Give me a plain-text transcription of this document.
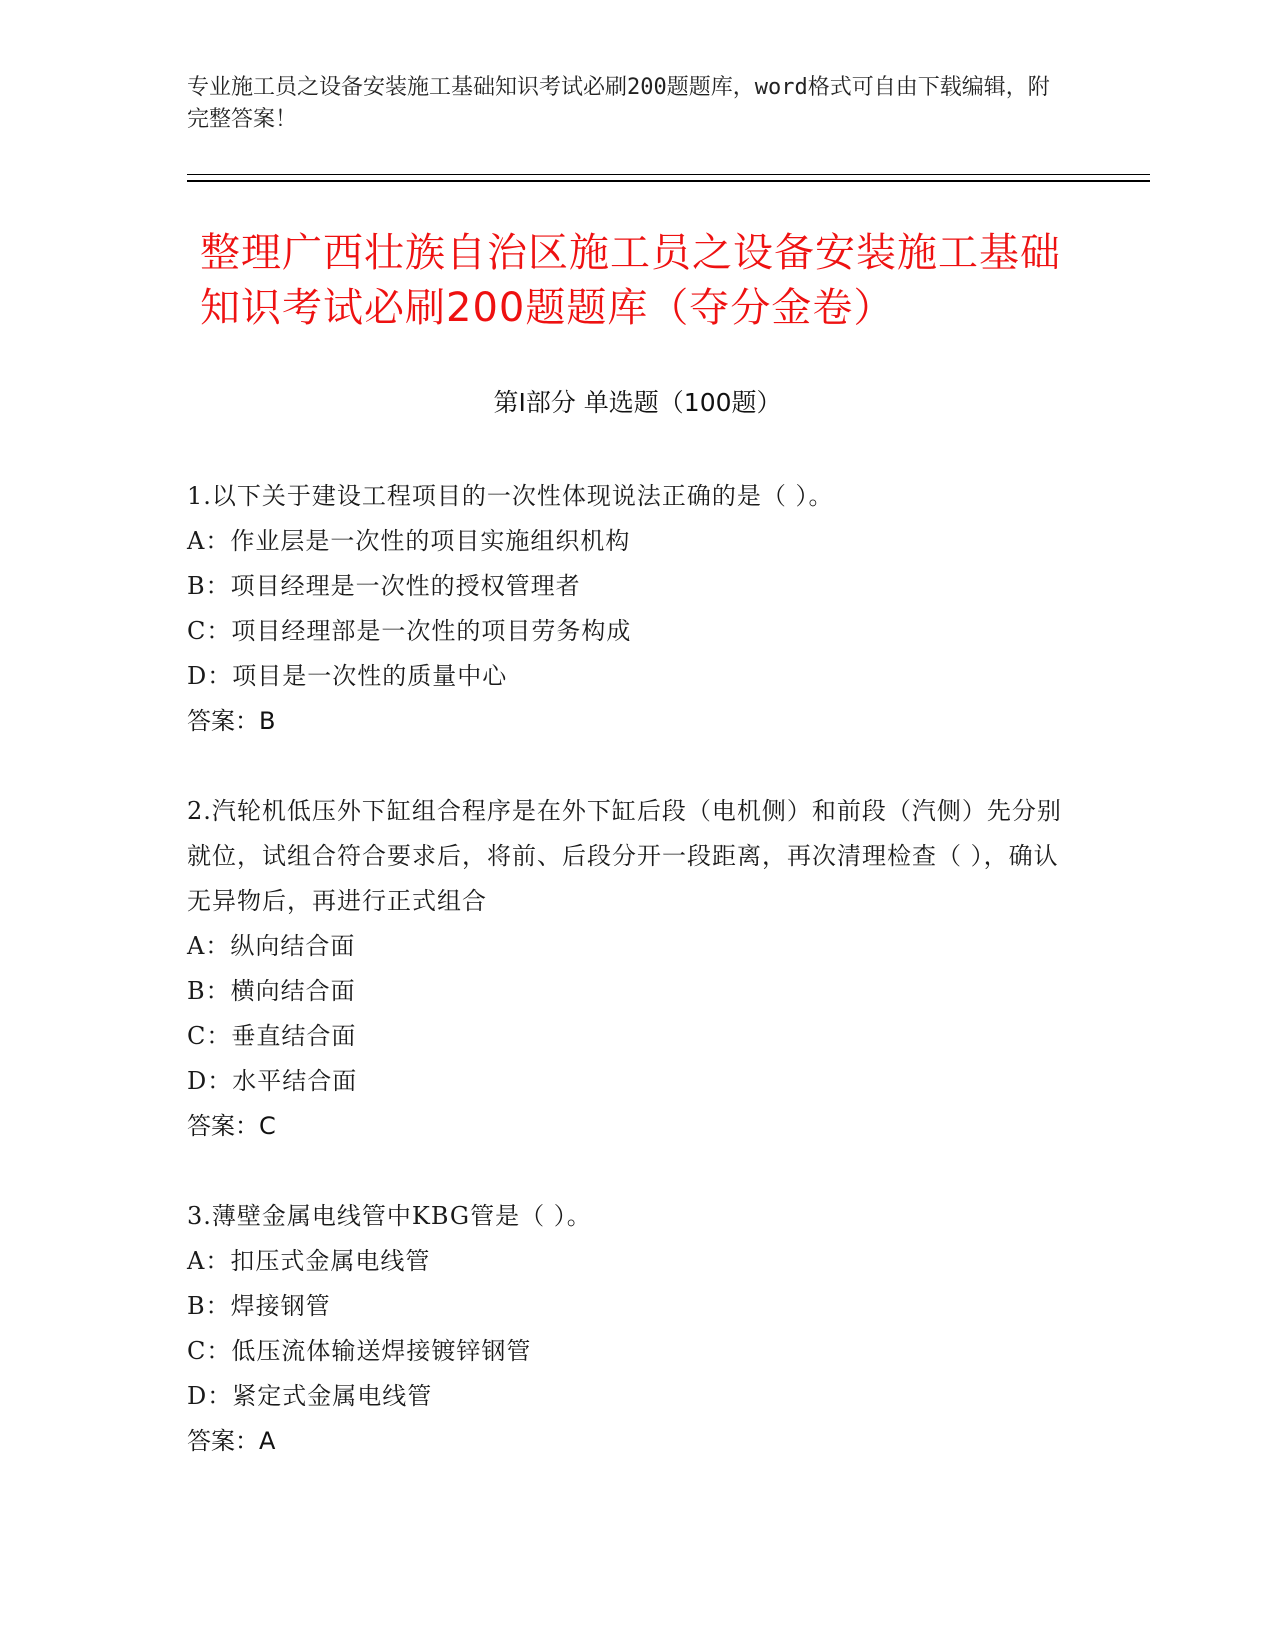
专业施工员之设备安装施工基础知识考试必刷200题题库，word格式可自由下载编辑，附完整答案！
整理广西壮族自治区施工员之设备安装施工基础知识考试必刷200题题库（夺分金卷）
第Ⅰ部分 单选题（100题）
1.以下关于建设工程项目的一次性体现说法正确的是（ ）。
A：作业层是一次性的项目实施组织机构
B：项目经理是一次性的授权管理者
C：项目经理部是一次性的项目劳务构成
D：项目是一次性的质量中心
答案：B
2.汽轮机低压外下缸组合程序是在外下缸后段（电机侧）和前段（汽侧）先分别就位，试组合符合要求后，将前、后段分开一段距离，再次清理检查（ ），确认无异物后，再进行正式组合
A：纵向结合面
B：横向结合面
C：垂直结合面
D：水平结合面
答案：C
3.薄壁金属电线管中KBG管是（ ）。
A：扣压式金属电线管
B：焊接钢管
C：低压流体输送焊接镀锌钢管
D：紧定式金属电线管
答案：A
